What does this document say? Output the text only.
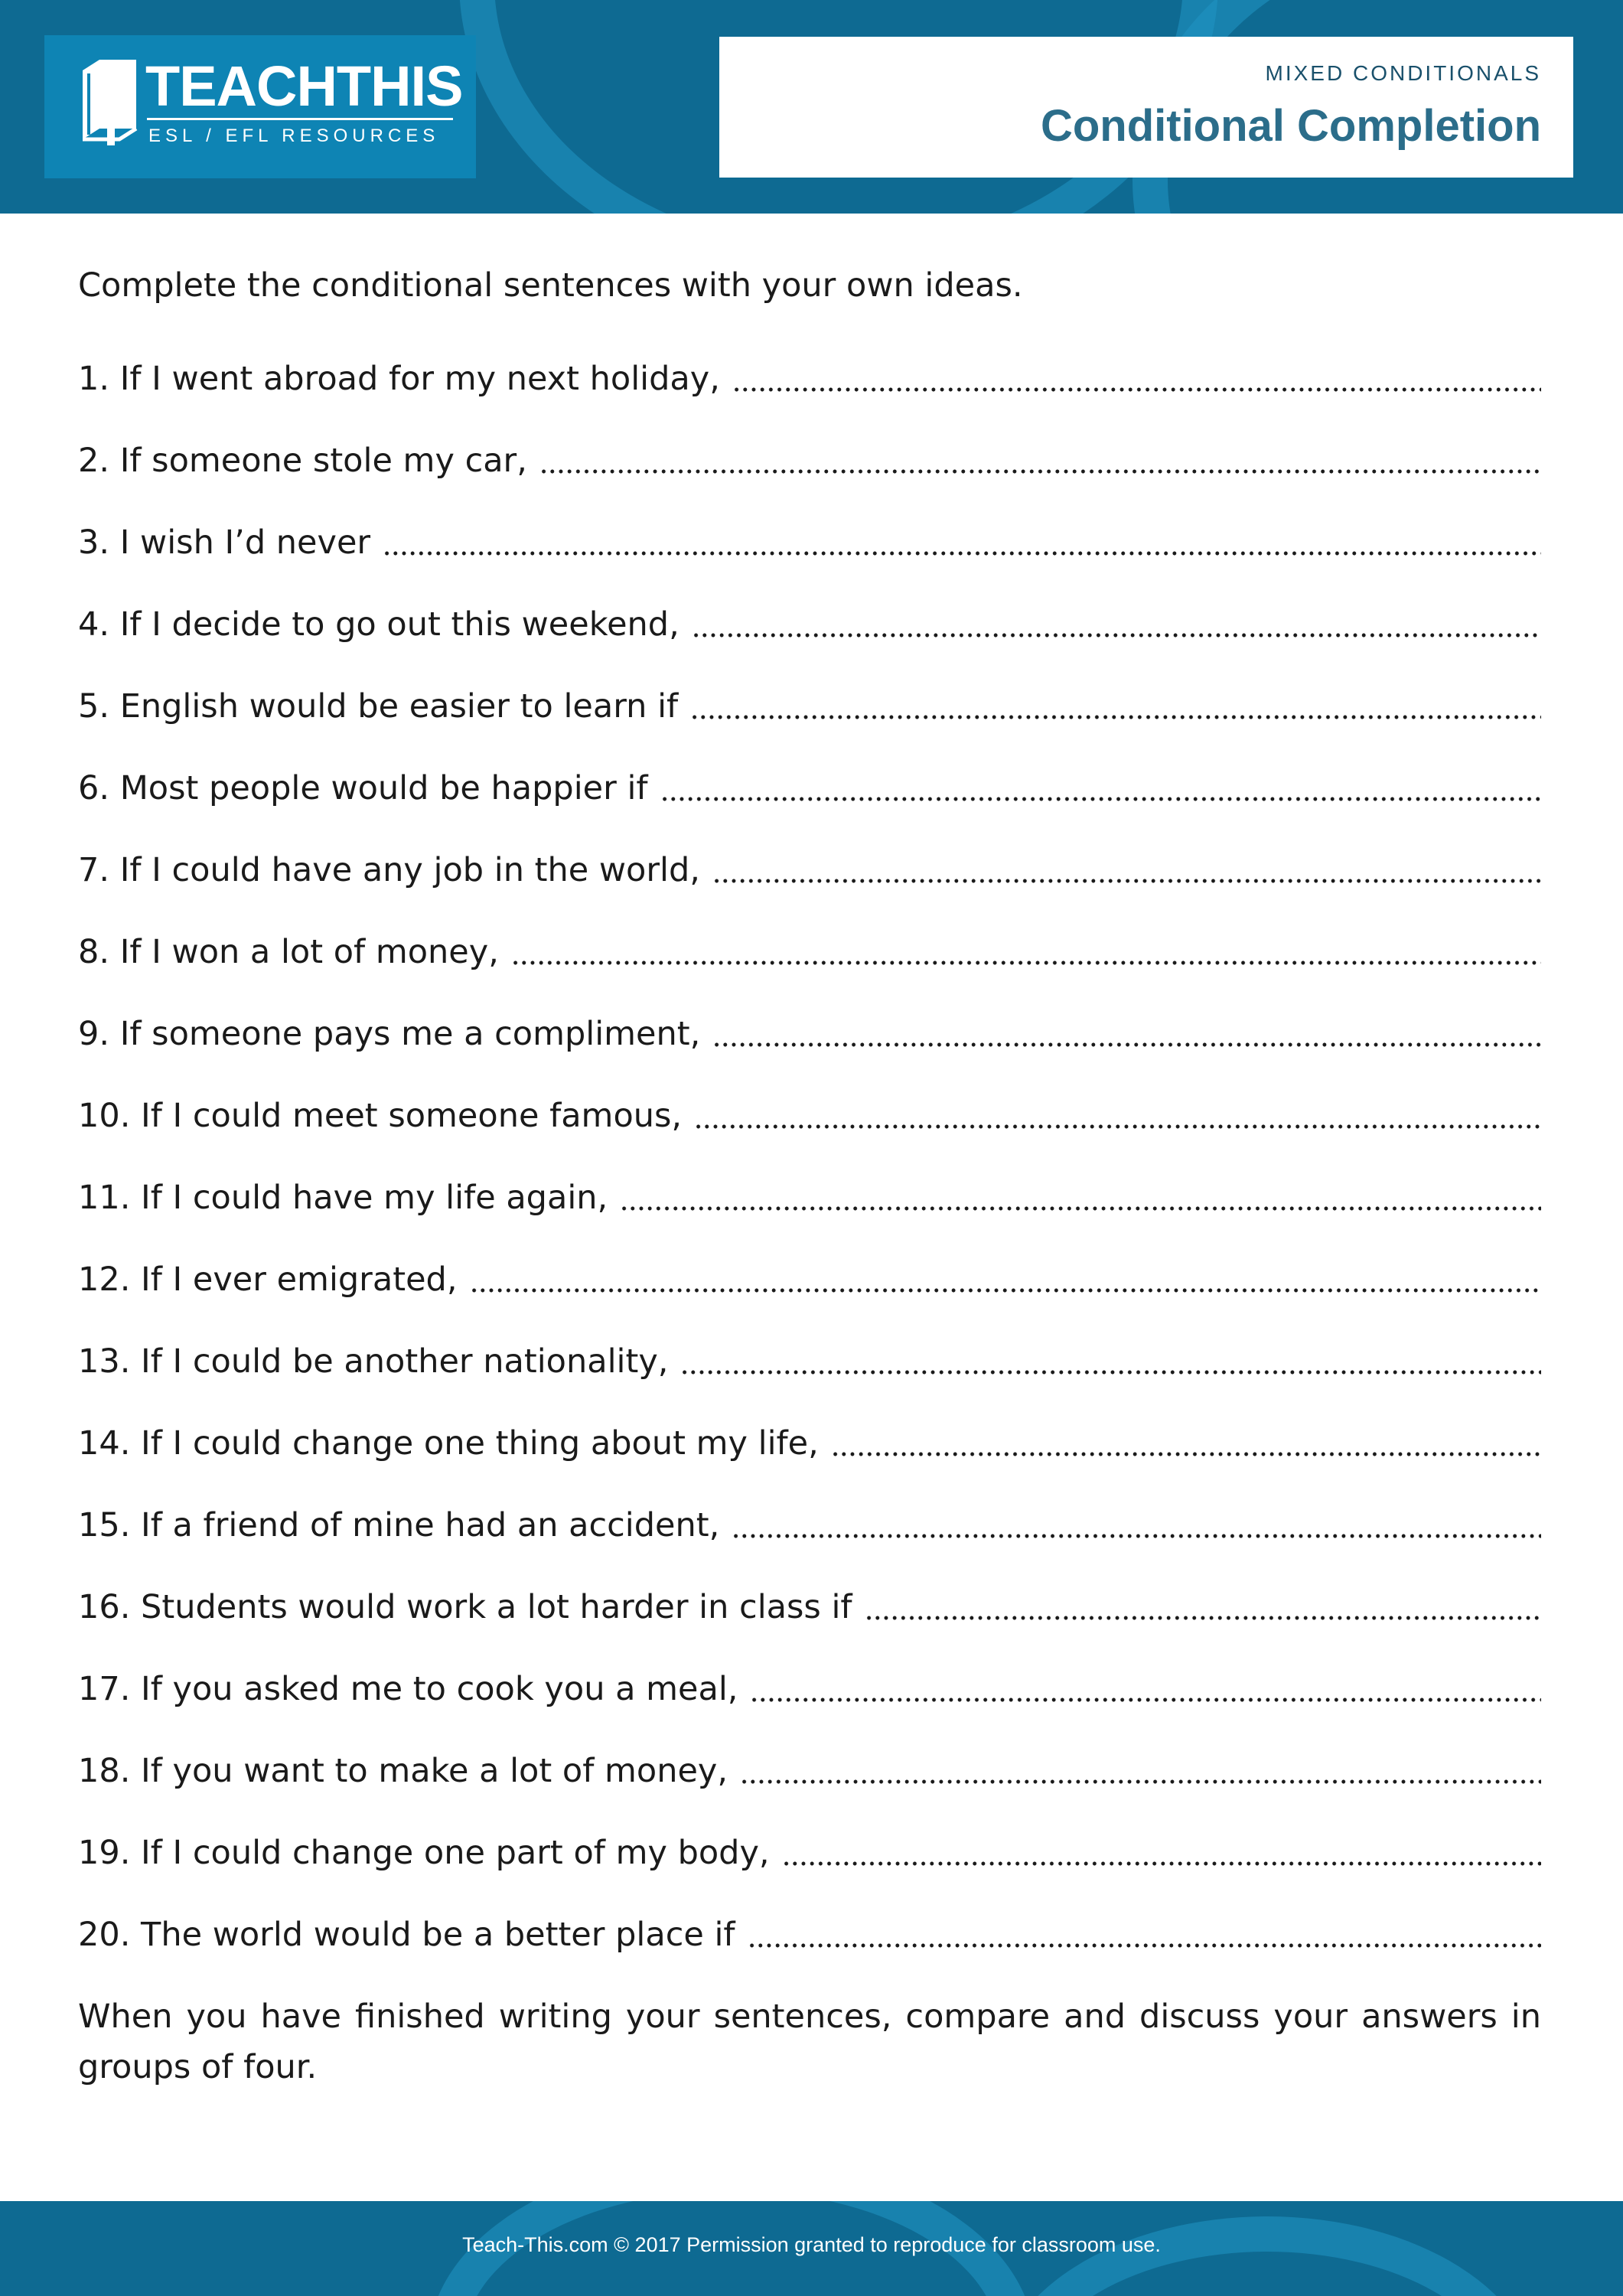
TEACHTHIS
ESL / EFL RESOURCES
MIXED CONDITIONALS
Conditional Completion

Complete the conditional sentences with your own ideas.

1. If I went abroad for my next holiday,
2. If someone stole my car,
3. I wish I’d never
4. If I decide to go out this weekend,
5. English would be easier to learn if
6. Most people would be happier if
7. If I could have any job in the world,
8. If I won a lot of money,
9. If someone pays me a compliment,
10. If I could meet someone famous,
11. If I could have my life again,
12. If I ever emigrated,
13. If I could be another nationality,
14. If I could change one thing about my life,
15. If a friend of mine had an accident,
16. Students would work a lot harder in class if
17. If you asked me to cook you a meal,
18. If you want to make a lot of money,
19. If I could change one part of my body,
20. The world would be a better place if

When you have finished writing your sentences, compare and discuss your answers in groups of four.

Teach-This.com © 2017 Permission granted to reproduce for classroom use.
